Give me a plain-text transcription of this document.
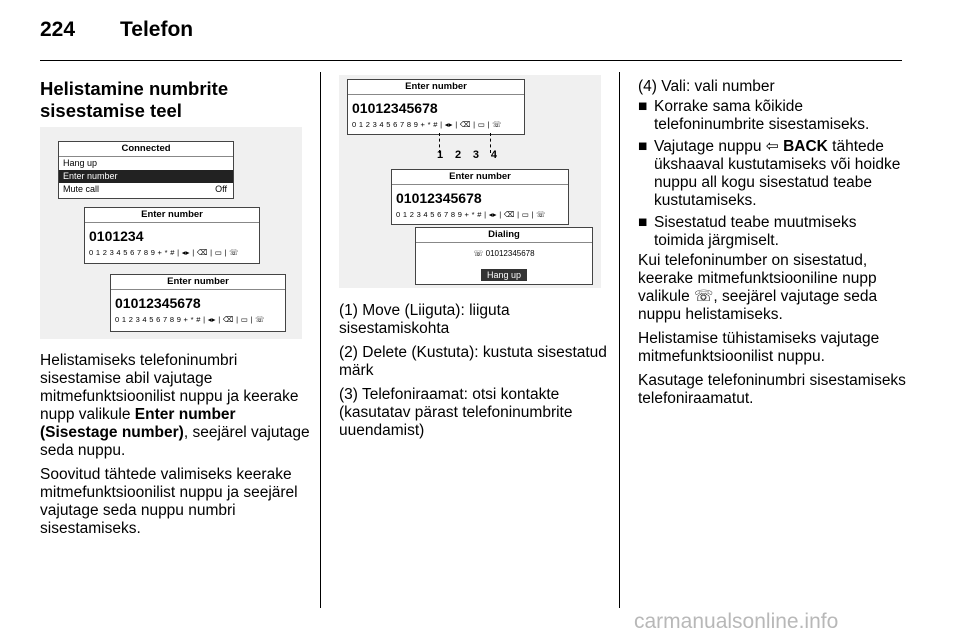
224 Telefon
Helistamine numbrite sisestamise teel
Connected
Hang up
Enter number
Mute call	Off
Enter number
0101234
0 1 2 3 4 5 6 7 8 9 + * # | ◂▸ | ⌫ | ▭ | ☏
Enter number
01012345678
0 1 2 3 4 5 6 7 8 9 + * # | ◂▸ | ⌫ | ▭ | ☏
Enter number
01012345678
0 1 2 3 4 5 6 7 8 9 + * # | ◂▸ | ⌫ | ▭ | ☏
1 2 3 4
Enter number
01012345678
0 1 2 3 4 5 6 7 8 9 + * # | ◂▸ | ⌫ | ▭ | ☏
Dialing
☏ 01012345678
Hang up

Helistamiseks telefoninumbri sisestamise abil vajutage mitmefunktsioonilist nuppu ja keerake nupp valikule Enter number (Sisestage number), seejärel vajutage seda nuppu.

Soovitud tähtede valimiseks keerake mitmefunktsioonilist nuppu ja seejärel vajutage seda nuppu numbri sisestamiseks.

(1) Move (Liiguta): liiguta sisestamiskohta

(2) Delete (Kustuta): kustuta sisestatud märk

(3) Telefoniraamat: otsi kontakte (kasutatav pärast telefoninumbrite uuendamist)

(4) Vali: vali number

■ Korrake sama kõikide telefoninumbrite sisestamiseks.
■ Vajutage nuppu ⇦ BACK tähtede ükshaaval kustutamiseks või hoidke nuppu all kogu sisestatud teabe kustutamiseks.
■ Sisestatud teabe muutmiseks toimida järgmiselt.

Kui telefoninumber on sisestatud, keerake mitmefunktsiooniline nupp valikule ☏, seejärel vajutage seda nuppu helistamiseks.

Helistamise tühistamiseks vajutage mitmefunktsioonilist nuppu.

Kasutage telefoninumbri sisestamiseks telefoniraamatut.

carmanualsonline.info
